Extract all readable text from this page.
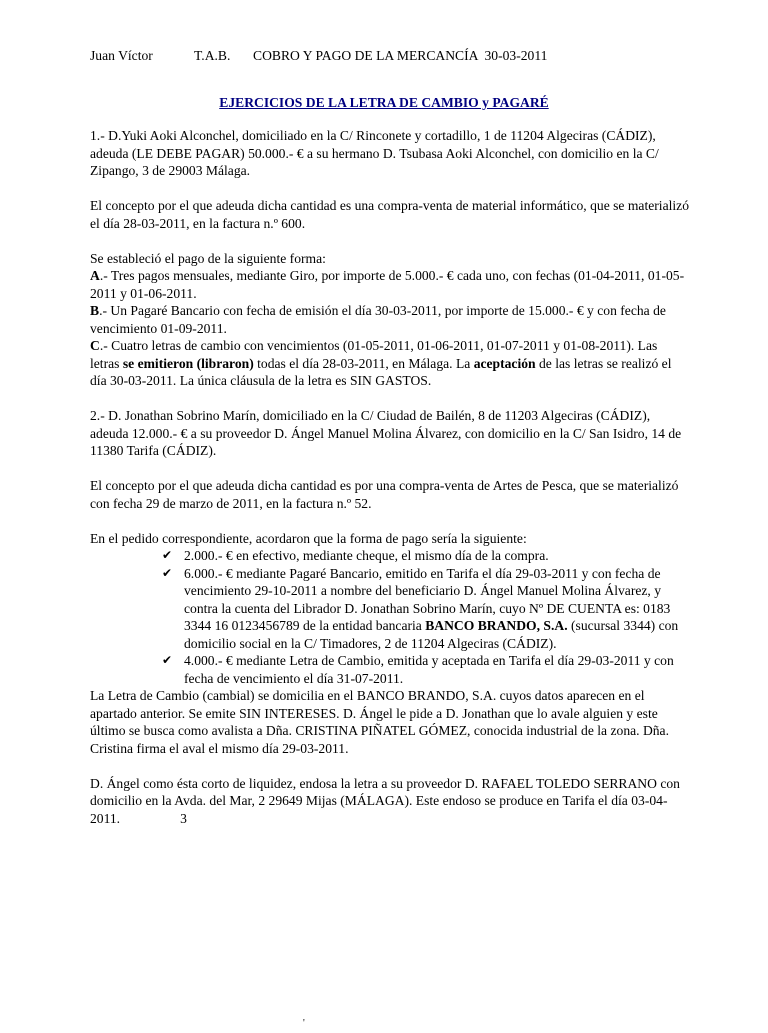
Juan Víctor	T.A.B. COBRO Y PAGO DE LA MERCANCÍA  30-03-2011
EJERCICIOS DE LA LETRA DE CAMBIO y PAGARÉ

1.- D.Yuki Aoki Alconchel, domiciliado en la C/ Rinconete y cortadillo, 1 de 11204 Algeciras (CÁDIZ), adeuda (LE DEBE PAGAR) 50.000.- € a su hermano D. Tsubasa Aoki Alconchel, con domicilio en la C/ Zipango, 3 de 29003 Málaga.

El concepto por el que adeuda dicha cantidad es una compra-venta de material informático, que se materializó el día 28-03-2011, en la factura n.º 600.

Se estableció el pago de la siguiente forma:

A.- Tres pagos mensuales, mediante Giro, por importe de 5.000.- € cada uno, con fechas (01-04-2011, 01-05-2011 y 01-06-2011.

B.- Un Pagaré Bancario con fecha de emisión el día 30-03-2011, por importe de 15.000.- € y con fecha de vencimiento 01-09-2011.

C.- Cuatro letras de cambio con vencimientos (01-05-2011, 01-06-2011, 01-07-2011 y 01-08-2011). Las letras se emitieron (libraron) todas el día 28-03-2011, en Málaga. La aceptación de las letras se realizó el día 30-03-2011. La única cláusula de la letra es SIN GASTOS.

2.- D. Jonathan Sobrino Marín, domiciliado en la C/ Ciudad de Bailén, 8 de 11203 Algeciras (CÁDIZ), adeuda 12.000.- € a su proveedor D. Ángel Manuel Molina Álvarez, con domicilio en la C/ San Isidro, 14 de 11380 Tarifa (CÁDIZ).

El concepto por el que adeuda dicha cantidad es por una compra-venta de Artes de Pesca, que se materializó con fecha 29 de marzo de 2011, en la factura n.º 52.

En el pedido correspondiente, acordaron que la forma de pago sería la siguiente:

✔ 2.000.- € en efectivo, mediante cheque, el mismo día de la compra.
✔ 6.000.- € mediante Pagaré Bancario, emitido en Tarifa el día 29-03-2011 y con fecha de vencimiento 29-10-2011 a nombre del beneficiario D. Ángel Manuel Molina Álvarez, y contra la cuenta del Librador D. Jonathan Sobrino Marín, cuyo Nº DE CUENTA es: 0183 3344 16 0123456789 de la entidad bancaria BANCO BRANDO, S.A. (sucursal 3344) con domicilio social en la C/ Timadores, 2 de 11204 Algeciras (CÁDIZ).
✔ 4.000.- € mediante Letra de Cambio, emitida y aceptada en Tarifa el día 29-03-2011 y con fecha de vencimiento el día 31-07-2011.

La Letra de Cambio (cambial) se domicilia en el BANCO BRANDO, S.A. cuyos datos aparecen en el apartado anterior. Se emite SIN INTERESES. D. Ángel le pide a D. Jonathan que lo avale alguien y este último se busca como avalista a Dña. CRISTINA PIÑATEL GÓMEZ, conocida industrial de la zona. Dña. Cristina firma el aval el mismo día 29-03-2011.

D. Ángel como ésta corto de liquidez, endosa la letra a su proveedor D. RAFAEL TOLEDO SERRANO con domicilio en la Avda. del Mar, 2 29649 Mijas (MÁLAGA). Este endoso se produce en Tarifa el día 03-04-2011.	3

'
